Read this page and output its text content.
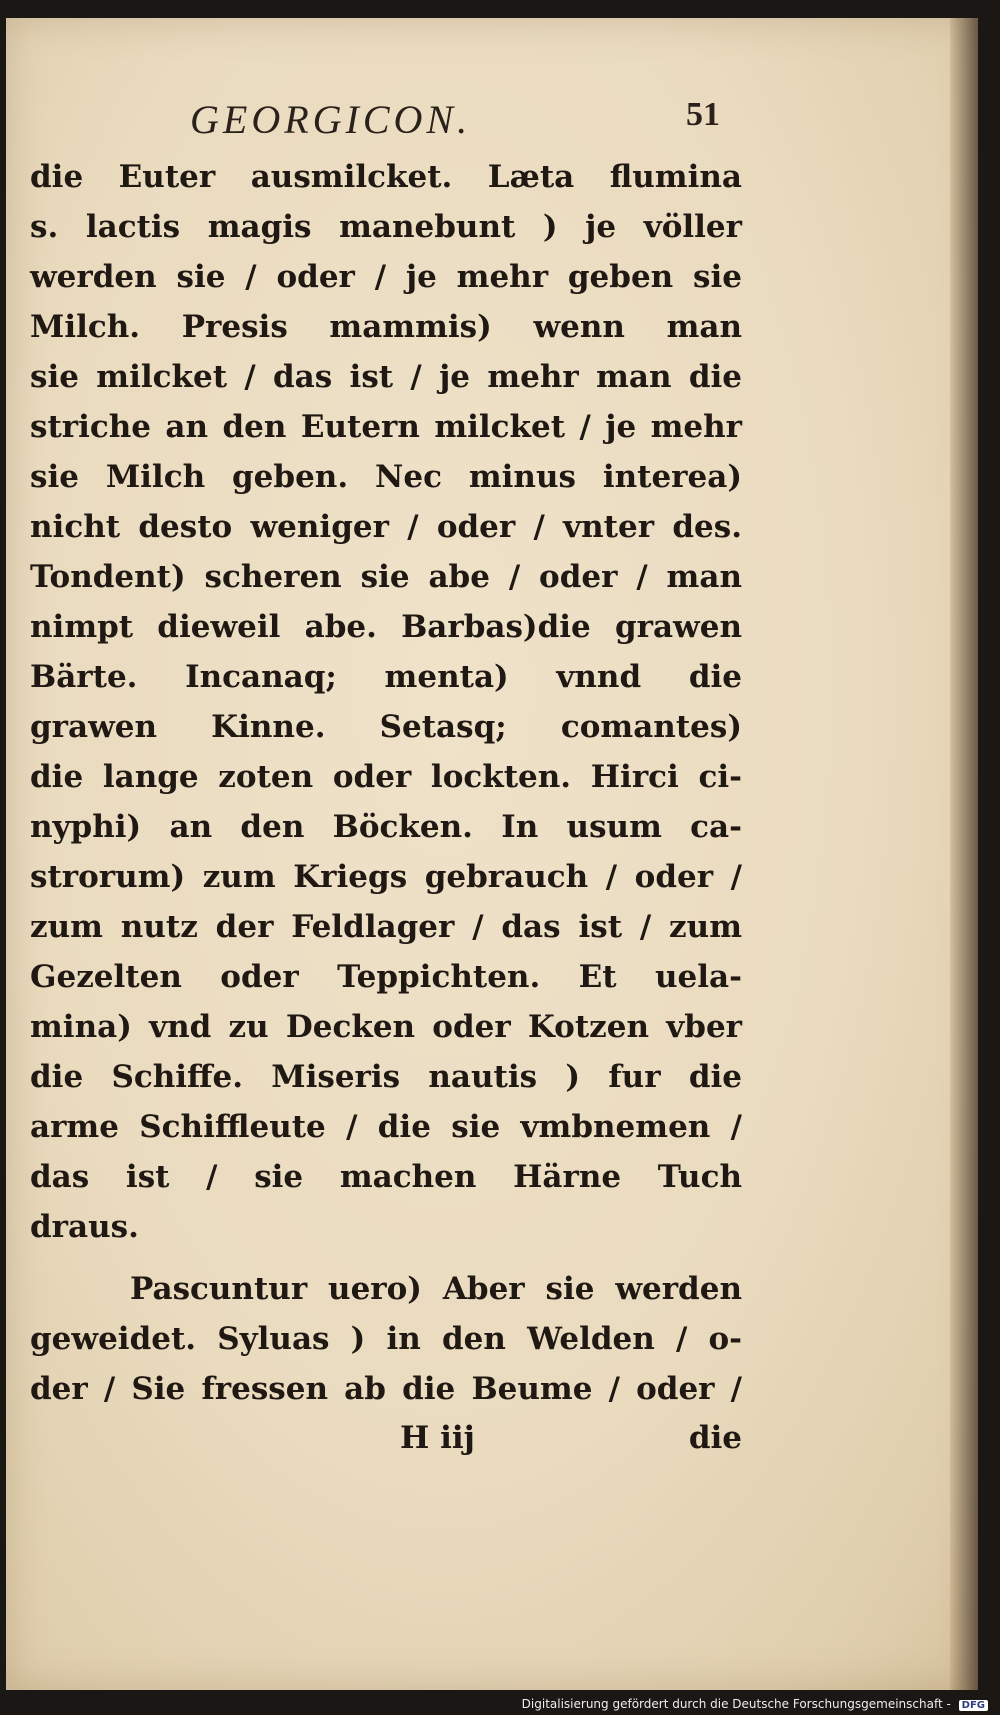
GEORGICON.	51
die Euter ausmilcket. Læta flumina
s. lactis magis manebunt ) je völler
werden sie / oder / je mehr geben sie
Milch. Presis mammis) wenn man
sie milcket / das ist / je mehr man die
striche an den Eutern milcket / je mehr
sie Milch geben. Nec minus interea)
nicht desto weniger / oder / vnter des.
Tondent) scheren sie abe / oder / man
nimpt dieweil abe. Barbas)die grawen
Bärte. Incanaq; menta) vnnd die
grawen Kinne. Setasq; comantes)
die lange zoten oder lockten. Hirci ci-
nyphi) an den Böcken. In usum ca-
strorum) zum Kriegs gebrauch / oder /
zum nutz der Feldlager / das ist / zum
Gezelten oder Teppichten. Et uela-
mina) vnd zu Decken oder Kotzen vber
die Schiffe. Miseris nautis ) fur die
arme Schiffleute / die sie vmbnemen /
das ist / sie machen Härne Tuch
draus.
Pascuntur uero) Aber sie werden
geweidet. Syluas ) in den Welden / o-
der / Sie fressen ab die Beume / oder /
H iij	die
Digitalisierung gefördert durch die Deutsche Forschungsgemeinschaft - DFG
